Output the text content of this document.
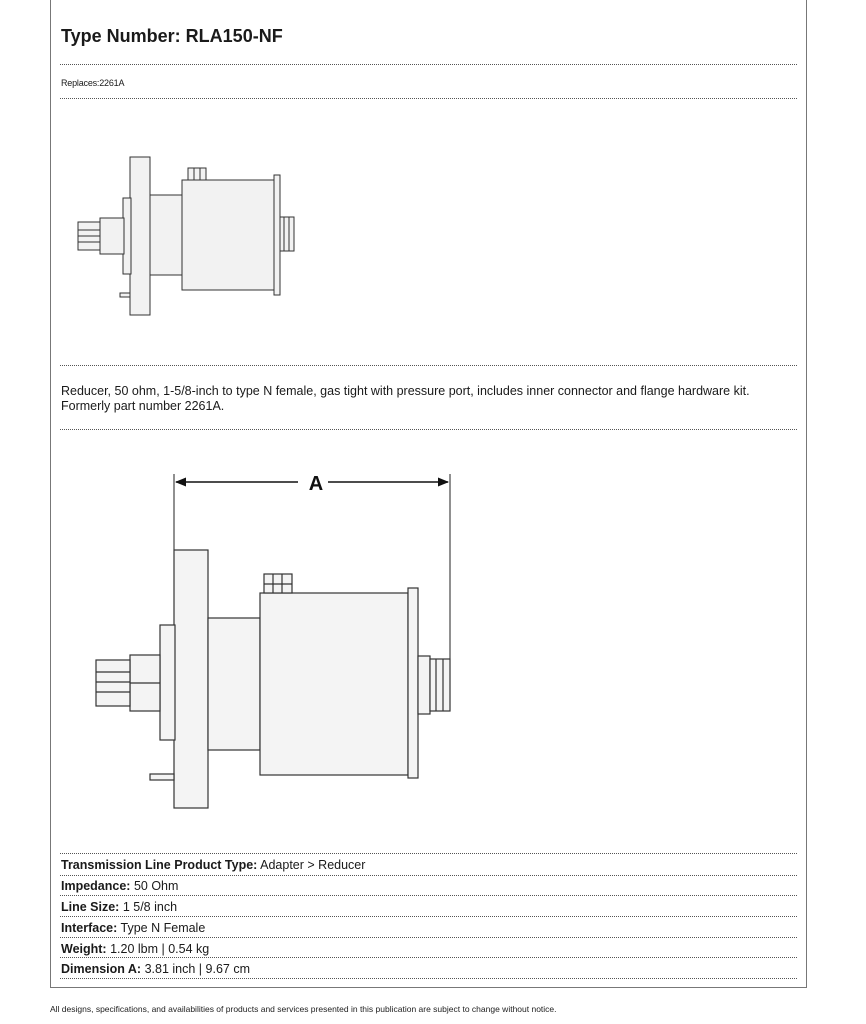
Type Number: RLA150-NF
Replaces:2261A
Reducer, 50 ohm, 1-5/8-inch to type N female, gas tight with pressure port, includes inner connector and flange hardware kit. Formerly part number 2261A.
A
Transmission Line Product Type: Adapter > Reducer
Impedance: 50 Ohm
Line Size: 1 5/8 inch
Interface: Type N Female
Weight: 1.20 lbm | 0.54 kg
Dimension A: 3.81 inch | 9.67 cm
All designs, specifications, and availabilities of products and services presented in this publication are subject to change without notice.
